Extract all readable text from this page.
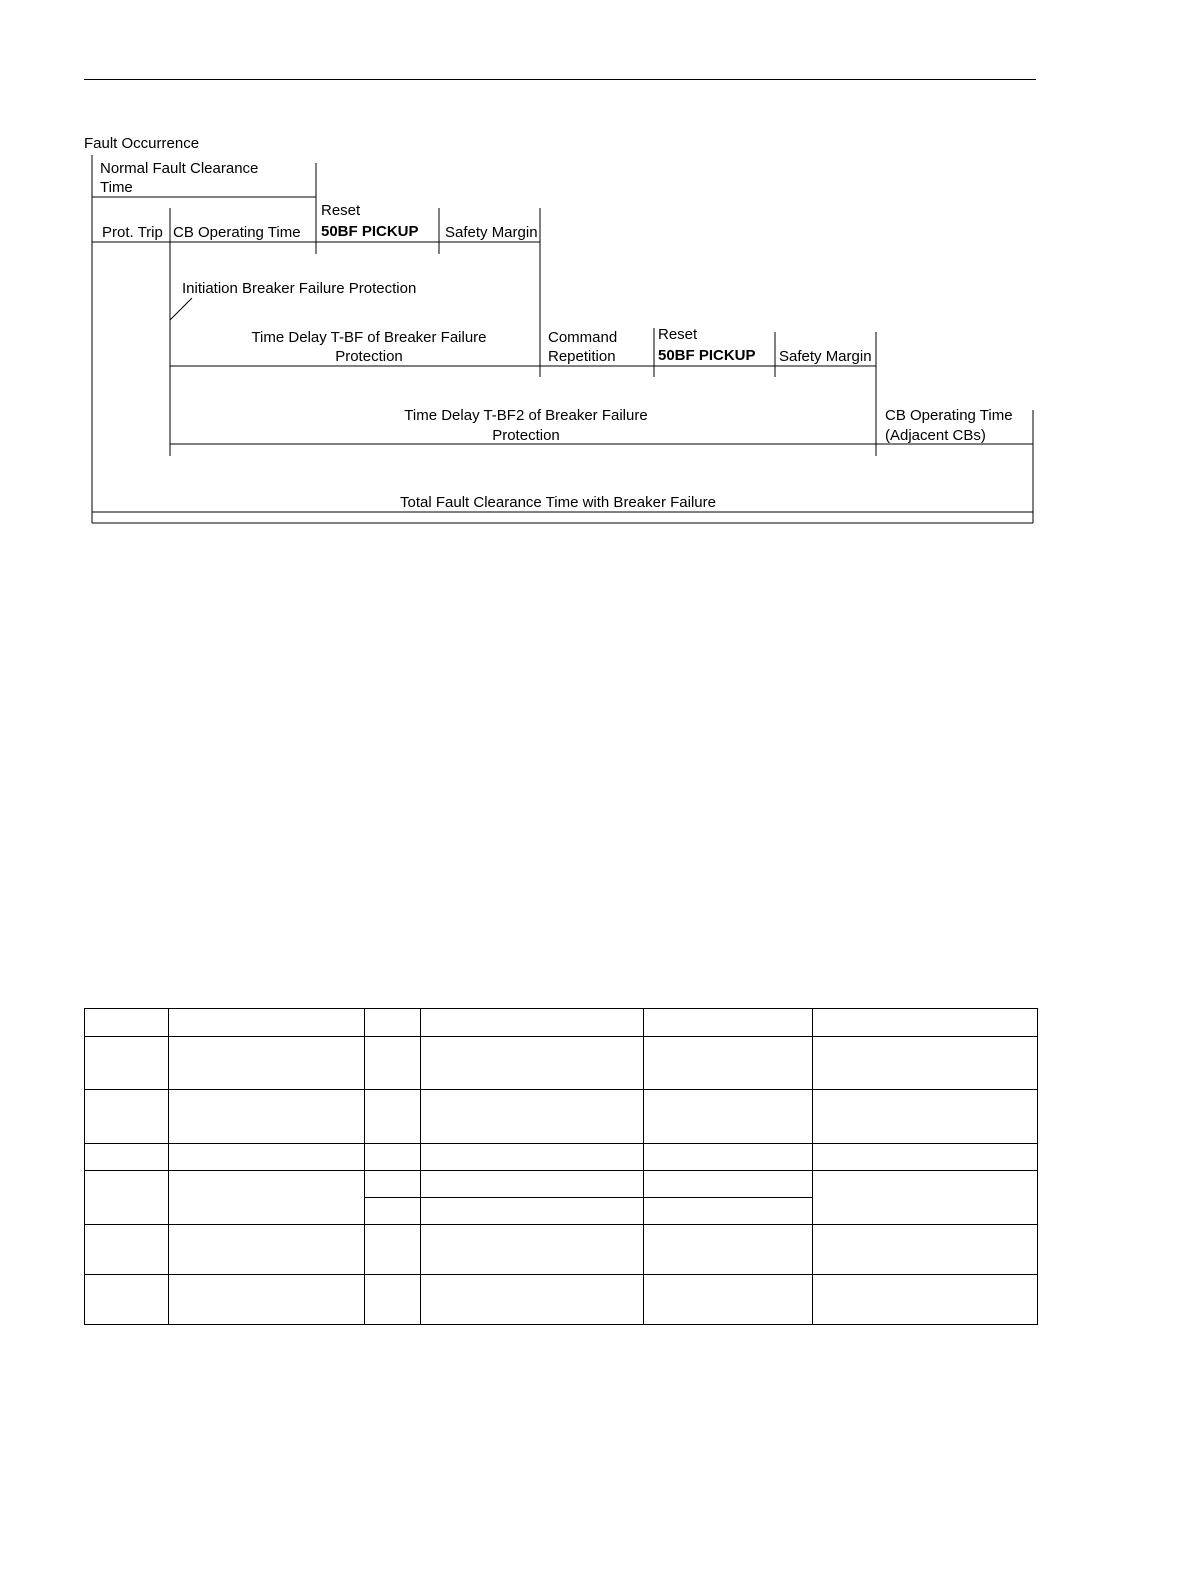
Fault Occurrence
Normal Fault Clearance
Time
Prot. Trip CB Operating Time
Reset
50BF PICKUP Safety Margin
Initiation Breaker Failure Protection
Time Delay T-BF of Breaker Failure
Protection
Command
Repetition
Reset
50BF PICKUP Safety Margin
Time Delay T-BF2 of Breaker Failure
Protection
CB Operating Time
(Adjacent CBs)
Total Fault Clearance Time with Breaker Failure
